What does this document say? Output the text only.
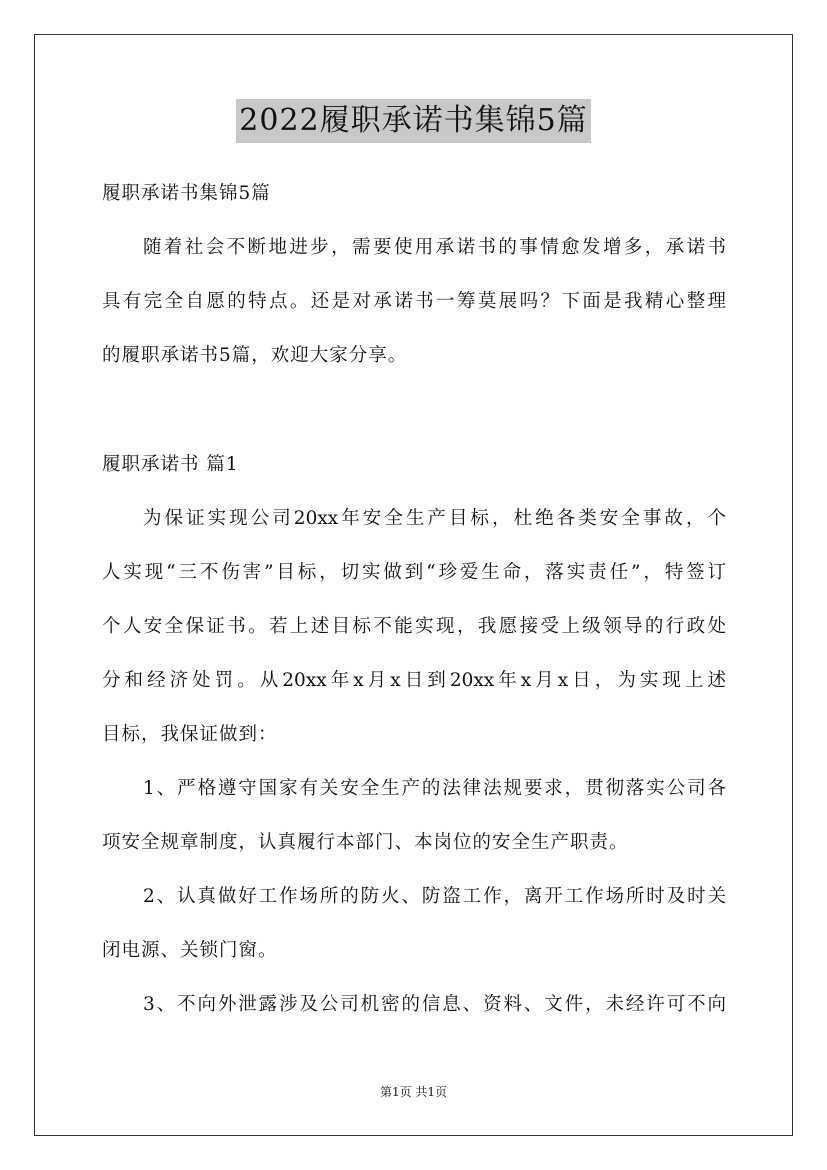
2022履职承诺书集锦5篇
履职承诺书集锦5篇
随着社会不断地进步，需要使用承诺书的事情愈发增多，承诺书
具有完全自愿的特点。还是对承诺书一筹莫展吗？下面是我精心整理
的履职承诺书5篇，欢迎大家分享。
履职承诺书 篇1
为保证实现公司20xx年安全生产目标，杜绝各类安全事故，个
人实现“三不伤害”目标，切实做到“珍爱生命，落实责任”，特签订
个人安全保证书。若上述目标不能实现，我愿接受上级领导的行政处
分和经济处罚。从20xx年x月x日到20xx年x月x日，为实现上述
目标，我保证做到：
1、严格遵守国家有关安全生产的法律法规要求，贯彻落实公司各
项安全规章制度，认真履行本部门、本岗位的安全生产职责。
2、认真做好工作场所的防火、防盗工作，离开工作场所时及时关
闭电源、关锁门窗。
3、不向外泄露涉及公司机密的信息、资料、文件，未经许可不向
第1页 共1页
